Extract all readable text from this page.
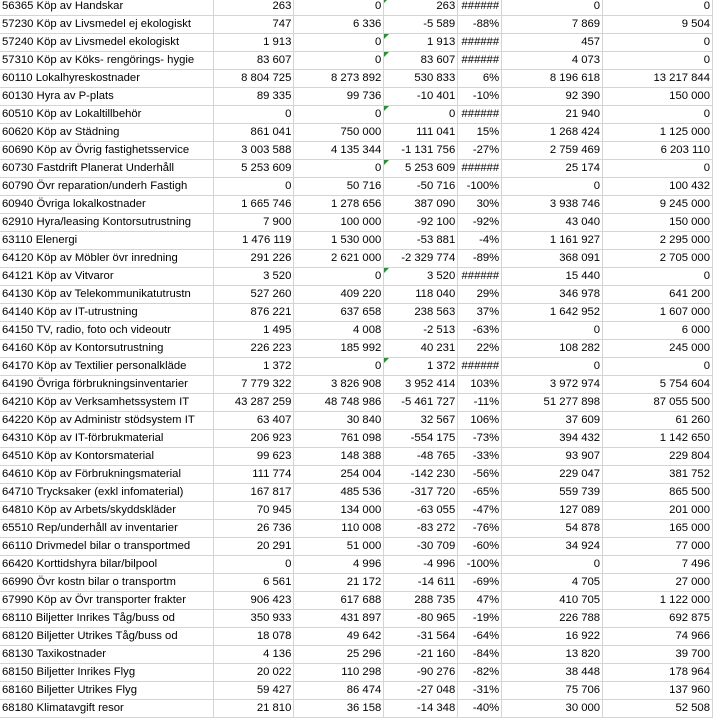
56365 Köp av Handskar	263	0	263	######	0	0
57230 Köp av Livsmedel ej ekologiskt	747	6 336	-5 589	-88%	7 869	9 504
57240 Köp av Livsmedel ekologiskt	1 913	0	1 913	######	457	0
57310 Köp av Köks- rengörings- hygie	83 607	0	83 607	######	4 073	0
60110 Lokalhyreskostnader	8 804 725	8 273 892	530 833	6%	8 196 618	13 217 844
60130 Hyra av P-plats	89 335	99 736	-10 401	-10%	92 390	150 000
60510 Köp av Lokaltillbehör	0	0	0	######	21 940	0
60620 Köp av Städning	861 041	750 000	111 041	15%	1 268 424	1 125 000
60690 Köp av Övrig fastighetsservice	3 003 588	4 135 344	-1 131 756	-27%	2 759 469	6 203 110
60730 Fastdrift Planerat Underhåll	5 253 609	0	5 253 609	######	25 174	0
60790 Övr reparation/underh Fastigh	0	50 716	-50 716	-100%	0	100 432
60940 Övriga lokalkostnader	1 665 746	1 278 656	387 090	30%	3 938 746	9 245 000
62910 Hyra/leasing Kontorsutrustning	7 900	100 000	-92 100	-92%	43 040	150 000
63110 Elenergi	1 476 119	1 530 000	-53 881	-4%	1 161 927	2 295 000
64120 Köp av Möbler övr inredning	291 226	2 621 000	-2 329 774	-89%	368 091	2 705 000
64121 Köp av Vitvaror	3 520	0	3 520	######	15 440	0
64130 Köp av Telekommunikatutrustn	527 260	409 220	118 040	29%	346 978	641 200
64140 Köp av IT-utrustning	876 221	637 658	238 563	37%	1 642 952	1 607 000
64150 TV, radio, foto och videoutr	1 495	4 008	-2 513	-63%	0	6 000
64160 Köp av Kontorsutrustning	226 223	185 992	40 231	22%	108 282	245 000
64170 Köp av Textilier personalkläde	1 372	0	1 372	######	0	0
64190 Övriga förbrukningsinventarier	7 779 322	3 826 908	3 952 414	103%	3 972 974	5 754 604
64210 Köp av Verksamhetssystem IT	43 287 259	48 748 986	-5 461 727	-11%	51 277 898	87 055 500
64220 Köp av Administr stödsystem IT	63 407	30 840	32 567	106%	37 609	61 260
64310 Köp av IT-förbrukmaterial	206 923	761 098	-554 175	-73%	394 432	1 142 650
64510 Köp av Kontorsmaterial	99 623	148 388	-48 765	-33%	93 907	229 804
64610 Köp av Förbrukningsmaterial	111 774	254 004	-142 230	-56%	229 047	381 752
64710 Trycksaker (exkl infomaterial)	167 817	485 536	-317 720	-65%	559 739	865 500
64810 Köp av Arbets/skyddskläder	70 945	134 000	-63 055	-47%	127 089	201 000
65510 Rep/underhåll av inventarier	26 736	110 008	-83 272	-76%	54 878	165 000
66110 Drivmedel bilar o transportmed	20 291	51 000	-30 709	-60%	34 924	77 000
66420 Korttidshyra bilar/bilpool	0	4 996	-4 996	-100%	0	7 496
66990 Övr kostn bilar o transportm	6 561	21 172	-14 611	-69%	4 705	27 000
67990 Köp av Övr transporter frakter	906 423	617 688	288 735	47%	410 705	1 122 000
68110 Biljetter Inrikes Tåg/buss od	350 933	431 897	-80 965	-19%	226 788	692 875
68120 Biljetter Utrikes Tåg/buss od	18 078	49 642	-31 564	-64%	16 922	74 966
68130 Taxikostnader	4 136	25 296	-21 160	-84%	13 820	39 700
68150 Biljetter Inrikes Flyg	20 022	110 298	-90 276	-82%	38 448	178 964
68160 Biljetter Utrikes Flyg	59 427	86 474	-27 048	-31%	75 706	137 960
68180 Klimatavgift resor	21 810	36 158	-14 348	-40%	30 000	52 508
